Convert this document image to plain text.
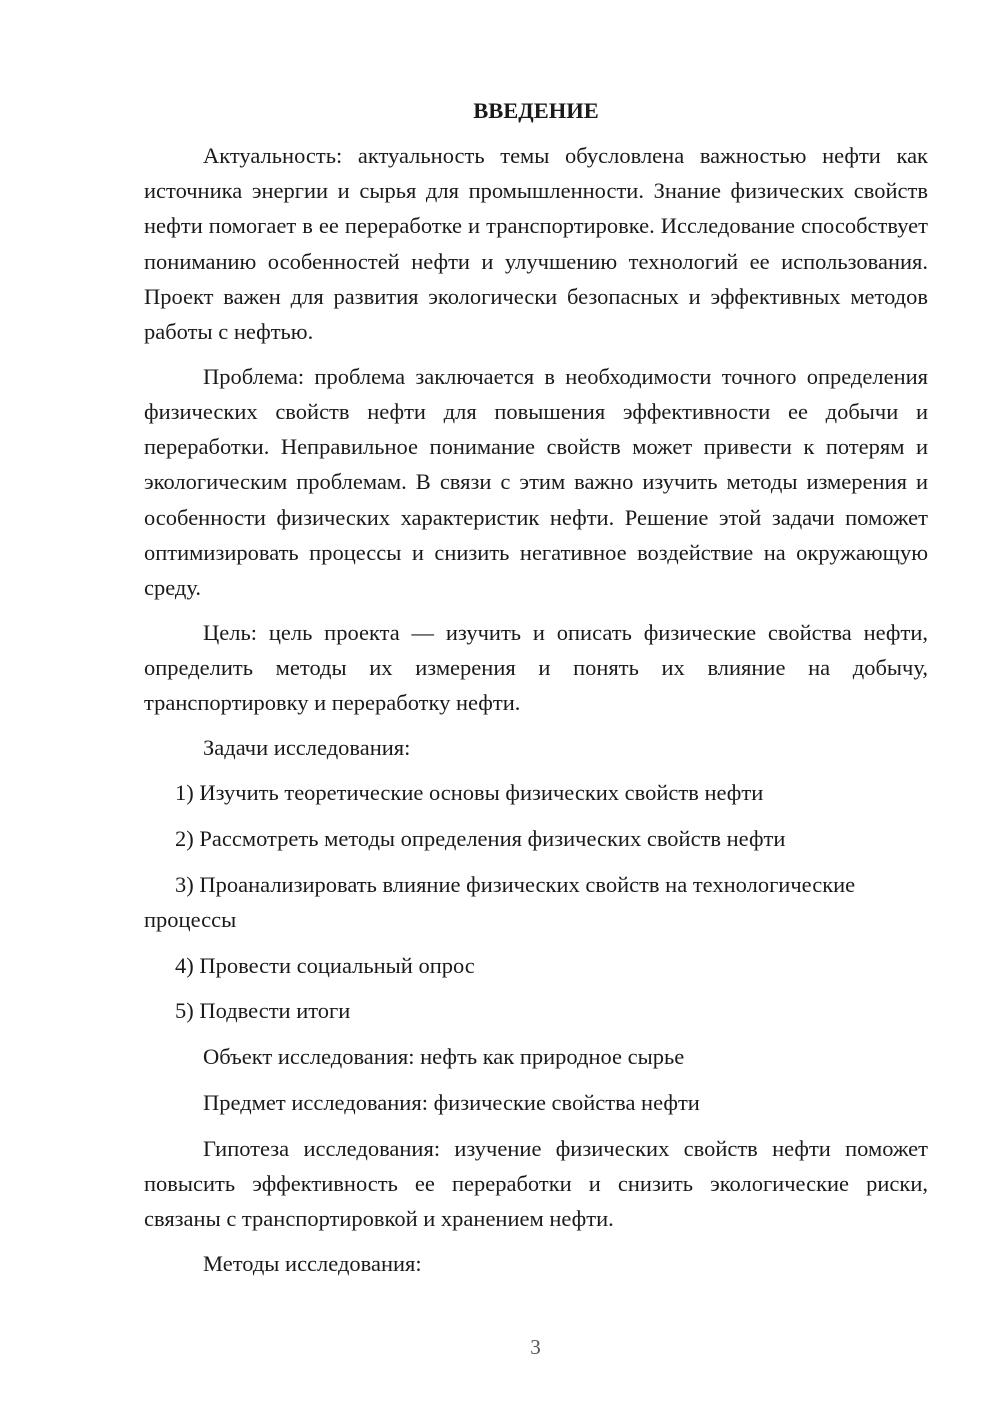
ВВЕДЕНИЕ

Актуальность: актуальность темы обусловлена важностью нефти как источника энергии и сырья для промышленности. Знание физических свойств нефти помогает в ее переработке и транспортировке. Исследование способствует пониманию особенностей нефти и улучшению технологий ее использования. Проект важен для развития экологически безопасных и эффективных методов работы с нефтью.

Проблема: проблема заключается в необходимости точного определения физических свойств нефти для повышения эффективности ее добычи и переработки. Неправильное понимание свойств может привести к потерям и экологическим проблемам. В связи с этим важно изучить методы измерения и особенности физических характеристик нефти. Решение этой задачи поможет оптимизировать процессы и снизить негативное воздействие на окружающую среду.

Цель: цель проекта — изучить и описать физические свойства нефти, определить методы их измерения и понять их влияние на добычу, транспортировку и переработку нефти.

Задачи исследования:

1) Изучить теоретические основы физических свойств нефти

2) Рассмотреть методы определения физических свойств нефти

3) Проанализировать влияние физических свойств на технологические процессы

4) Провести социальный опрос

5) Подвести итоги

Объект исследования: нефть как природное сырье

Предмет исследования: физические свойства нефти

Гипотеза исследования: изучение физических свойств нефти поможет повысить эффективность ее переработки и снизить экологические риски, связаны с транспортировкой и хранением нефти.

Методы исследования:

3
